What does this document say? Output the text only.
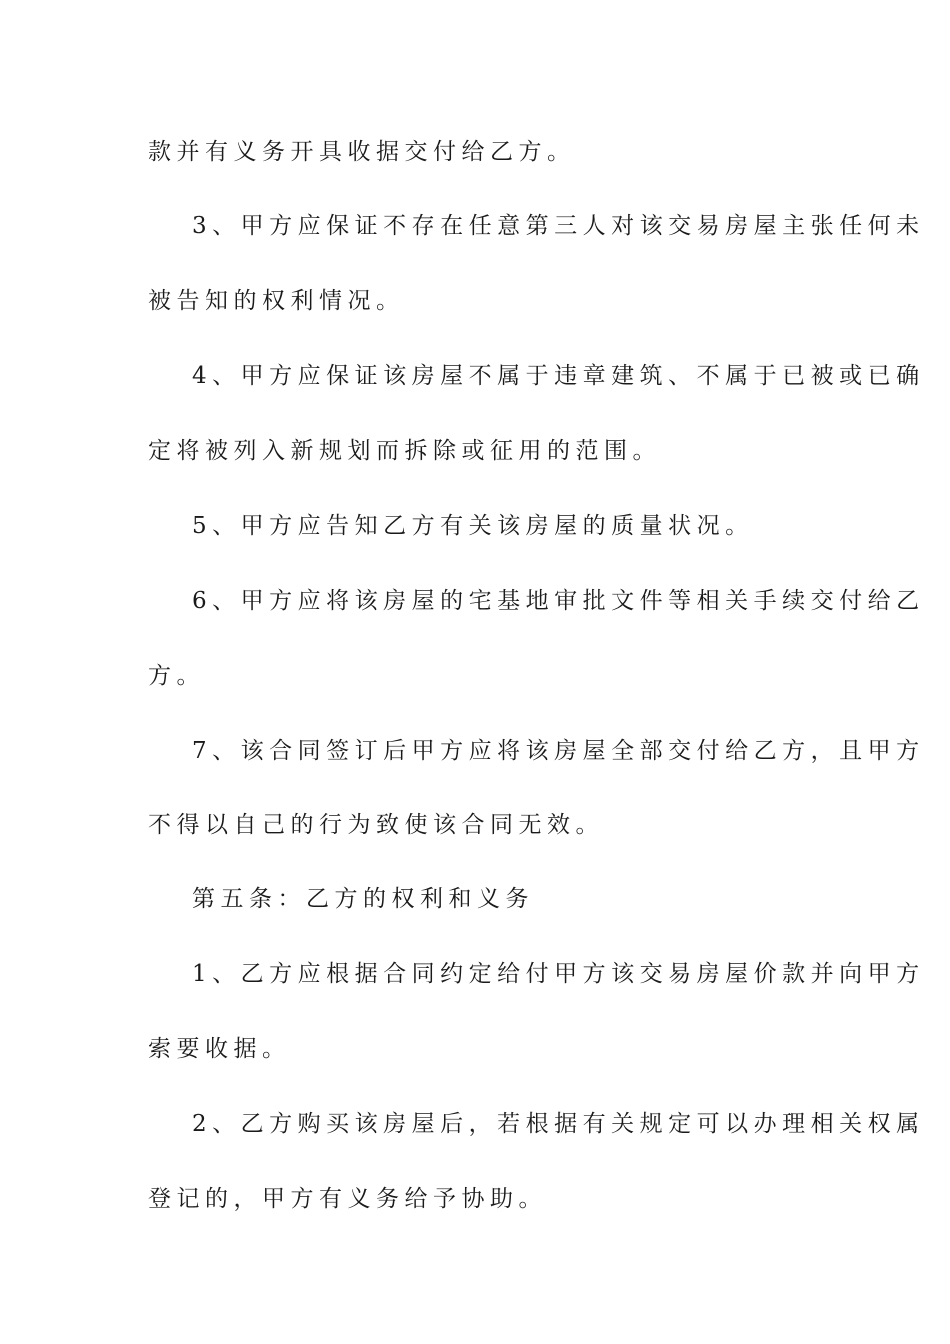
款并有义务开具收据交付给乙方。
3、甲方应保证不存在任意第三人对该交易房屋主张任何未
被告知的权利情况。
4、甲方应保证该房屋不属于违章建筑、不属于已被或已确
定将被列入新规划而拆除或征用的范围。
5、甲方应告知乙方有关该房屋的质量状况。
6、甲方应将该房屋的宅基地审批文件等相关手续交付给乙
方。
7、该合同签订后甲方应将该房屋全部交付给乙方，且甲方
不得以自己的行为致使该合同无效。
第五条：乙方的权利和义务
1、乙方应根据合同约定给付甲方该交易房屋价款并向甲方
索要收据。
2、乙方购买该房屋后，若根据有关规定可以办理相关权属
登记的，甲方有义务给予协助。
